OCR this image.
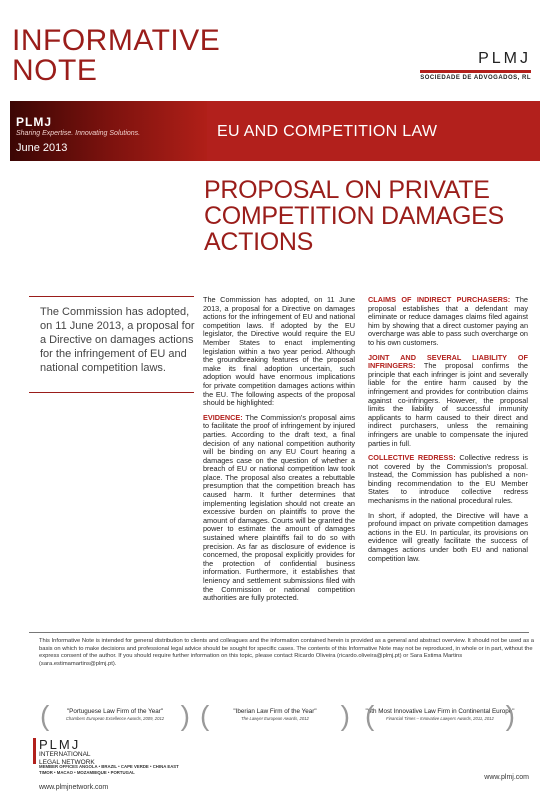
INFORMATIVE
NOTE	PLMJ
SOCIEDADE DE ADVOGADOS, RL
PLMJ
Sharing Expertise. Innovating Solutions.
June 2013
EU AND COMPETITION LAW
PROPOSAL ON PRIVATE
COMPETITION DAMAGES
ACTIONS
The Commission has adopted, on 11 June 2013, a proposal for a Directive on damages actions for the infringement of EU and national competition laws.

The Commission has adopted, on 11 June 2013, a proposal for a Directive on damages actions for the infringement of EU and national competition laws. If adopted by the EU legislator, the Directive would require the EU Member States to enact implementing legislation within a two year period. Although the groundbreaking features of the proposal make its final adoption uncertain, such adoption would have enormous implications for private competition damages actions within the EU. The following aspects of the proposal should be highlighted:

EVIDENCE: The Commission's proposal aims to facilitate the proof of infringement by injured parties. According to the draft text, a final decision of any national competition authority will be binding on any EU Court hearing a damages case on the question of whether a breach of EU or national competition law took place. The proposal also creates a rebuttable presumption that the competition breach has caused harm. It further determines that implementing legislation should not create an excessive burden on plaintiffs to prove the amount of damages. Courts will be granted the power to estimate the amount of damages sustained where plaintiffs fail to do so with precision. As far as disclosure of evidence is concerned, the proposal explicitly provides for the protection of confidential business information. Furthermore, it establishes that leniency and settlement submissions filed with the Commission or national competition authorities are fully protected.

CLAIMS OF INDIRECT PURCHASERS: The proposal establishes that a defendant may eliminate or reduce damages claims filed against him by showing that a direct customer paying an overcharge was able to pass such overcharge on to his own customers.

JOINT AND SEVERAL LIABILITY OF INFRINGERS: The proposal confirms the principle that each infringer is joint and severally liable for the entire harm caused by the infringement and provides for contribution claims against co-infringers. However, the proposal limits the liability of successful immunity applicants to harm caused to their direct and indirect purchasers, unless the remaining infringers are unable to compensate the injured parties in full.

COLLECTIVE REDRESS: Collective redress is not covered by the Commission's proposal. Instead, the Commission has published a non-binding recommendation to the EU Member States to introduce collective redress mechanisms in the national procedural rules.

In short, if adopted, the Directive will have a profound impact on private competition damages actions in the EU. In particular, its provisions on evidence will greatly facilitate the success of damages actions under both EU and national competition law.

This Informative Note is intended for general distribution to clients and colleagues and the information contained herein is provided as a general and abstract overview. It should not be used as a basis on which to make decisions and professional legal advice should be sought for specific cases. The contents of this Informative Note may not be reproduced, in whole or in part, without the express consent of the author. If you should require further information on this topic, please contact Ricardo Oliveira (ricardo.oliveira@plmj.pt) or Sara Estima Martins (sara.estimamartins@plmj.pt).
(	)
"Portuguese Law Firm of the Year"
Chambers European Excellence Awards, 2009, 2012	(	)
"Iberian Law Firm of the Year"
The Lawyer European Awards, 2012	(	)
"6th Most Innovative Law Firm in Continental Europe"
Financial Times – Innovative Lawyers Awards, 2011, 2012
PLMJ
INTERNATIONAL
LEGAL NETWORK
MEMBER OFFICES ANGOLA • BRAZIL • CAPE VERDE • CHINA EAST TIMOR • MACAO • MOZAMBIQUE • PORTUGAL
www.plmjnetwork.com
www.plmj.com
